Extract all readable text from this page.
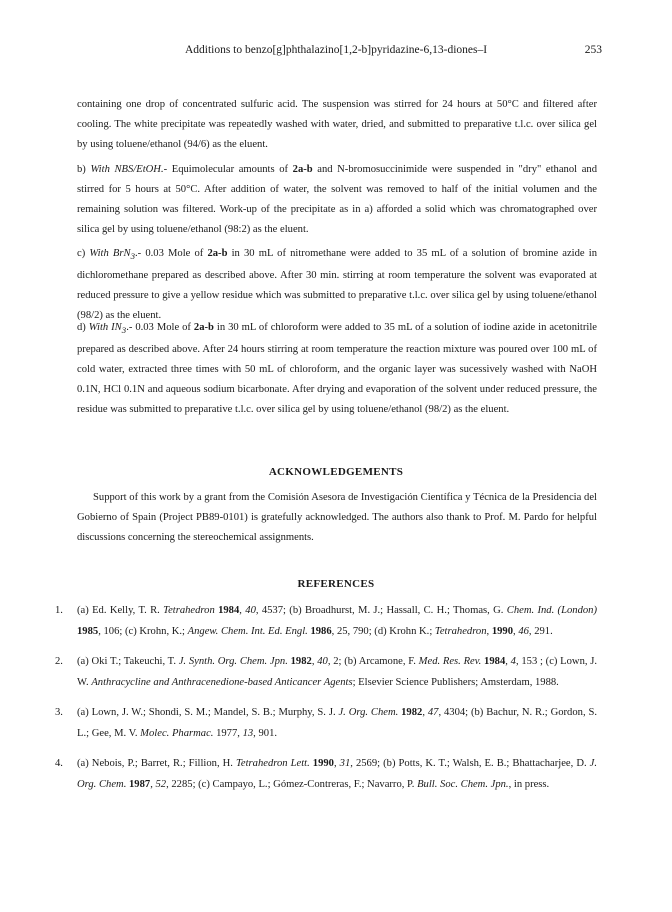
Additions to benzo[g]phthalazino[1,2-b]pyridazine-6,13-diones–I	253

containing one drop of concentrated sulfuric acid. The suspension was stirred for 24 hours at 50°C and filtered after cooling. The white precipitate was repeatedly washed with water, dried, and submitted to preparative t.l.c. over silica gel by using toluene/ethanol (94/6) as the eluent.

b) With NBS/EtOH.- Equimolecular amounts of 2a-b and N-bromosuccinimide were suspended in "dry" ethanol and stirred for 5 hours at 50°C. After addition of water, the solvent was removed to half of the initial volumen and the remaining solution was filtered. Work-up of the precipitate as in a) afforded a solid which was chromatographed over silica gel by using toluene/ethanol (98:2) as the eluent.

c) With BrN$_3$.- 0.03 Mole of 2a-b in 30 mL of nitromethane were added to 35 mL of a solution of bromine azide in dichloromethane prepared as described above. After 30 min. stirring at room temperature the solvent was evaporated at reduced pressure to give a yellow residue which was submitted to preparative t.l.c. over silica gel by using toluene/ethanol (98/2) as the eluent.

d) With $IN_3.-$ 0.03 Mole of 2a-b in 30 mL of chloroform were added to 35 mL of a solution of iodine azide in acetonitrile prepared as described above. After 24 hours stirring at room temperature the reaction mixture was poured over 100 mL of cold water, extracted three times with 50 mL of chloroform, and the organic layer was sucessively washed with NaOH 0.1N, HCl 0.1N and aqueous sodium bicarbonate. After drying and evaporation of the solvent under reduced pressure, the residue was submitted to preparative t.l.c. over silica gel by using toluene/ethanol (98/2) as the eluent.

ACKNOWLEDGEMENTS

Support of this work by a grant from the Comisión Asesora de Investigación Científica y Técnica de la Presidencia del Gobierno of Spain (Project PB89-0101) is gratefully acknowledged. The authors also thank to Prof. M. Pardo for helpful discussions concerning the stereochemical assignments.

REFERENCES
1. (a) Ed. Kelly, T. R. Tetrahedron 1984, 40, 4537; (b) Broadhurst, M. J.; Hassall, C. H.; Thomas, G. Chem. Ind. (London) 1985, 106; (c) Krohn, K.; Angew. Chem. Int. Ed. Engl. 1986, 25, 790; (d) Krohn K.; Tetrahedron, 1990, 46, 291.
2. (a) Oki T.; Takeuchi, T. J. Synth. Org. Chem. Jpn. 1982, 40, 2; (b) Arcamone, F. Med. Res. Rev. 1984, 4, 153 ; (c) Lown, J. W. Anthracycline and Anthracenedione-based Anticancer Agents; Elsevier Science Publishers; Amsterdam, 1988.
3. (a) Lown, J. W.; Shondi, S. M.; Mandel, S. B.; Murphy, S. J. J. Org. Chem. 1982, 47, 4304; (b) Bachur, N. R.; Gordon, S. L.; Gee, M. V. Molec. Pharmac. 1977, 13, 901.
4. (a) Nebois, P.; Barret, R.; Fillion, H. Tetrahedron Lett. 1990, 31, 2569; (b) Potts, K. T.; Walsh, E. B.; Bhattacharjee, D. J. Org. Chem. 1987, 52, 2285; (c) Campayo, L.; Gómez-Contreras, F.; Navarro, P. Bull. Soc. Chem. Jpn., in press.
